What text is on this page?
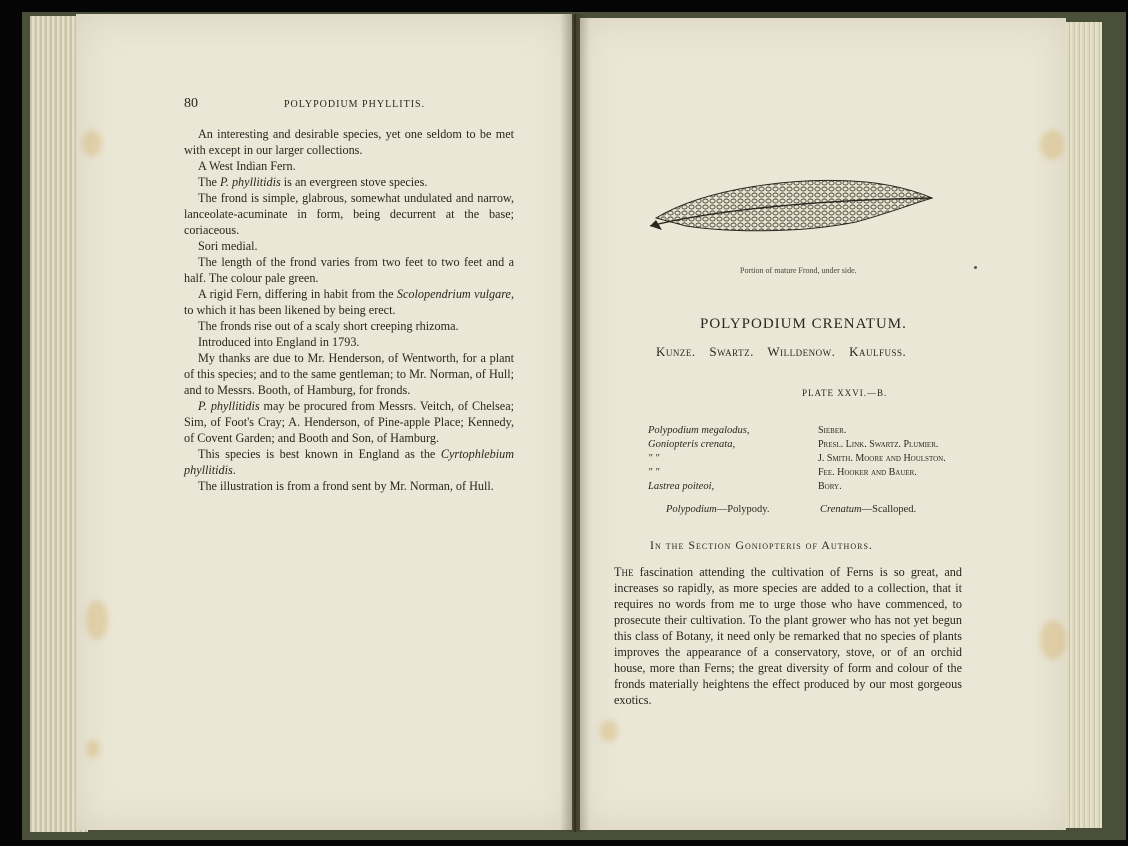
80	POLYPODIUM PHYLLITIS.

An interesting and desirable species, yet one seldom to be met with except in our larger collections.

A West Indian Fern.

The P. phyllitidis is an evergreen stove species.

The frond is simple, glabrous, somewhat undulated and narrow, lanceolate-acuminate in form, being decurrent at the base; coriaceous.

Sori medial.

The length of the frond varies from two feet to two feet and a half. The colour pale green.

A rigid Fern, differing in habit from the Scolopendrium vulgare, to which it has been likened by being erect.

The fronds rise out of a scaly short creeping rhizoma.

Introduced into England in 1793.

My thanks are due to Mr. Henderson, of Wentworth, for a plant of this species; and to the same gentleman; to Mr. Norman, of Hull; and to Messrs. Booth, of Hamburg, for fronds.

P. phyllitidis may be procured from Messrs. Veitch, of Chelsea; Sim, of Foot's Cray; A. Henderson, of Pine-apple Place; Kennedy, of Covent Garden; and Booth and Son, of Hamburg.

This species is best known in England as the Cyrtophlebium phyllitidis.

The illustration is from a frond sent by Mr. Norman, of Hull.

Portion of mature Frond, under side.
POLYPODIUM CRENATUM.
Kunze. Swartz. Willdenow. Kaulfuss.
PLATE XXVI.—B.
Polypodium megalodus,
Goniopteris crenata,
" "
" "
Lastrea poiteoi,
Sieber.
Presl. Link. Swartz. Plumier.
J. Smith. Moore and Houlston.
Fee. Hooker and Bauer.
Bory.
Polypodium—Polypody.	Crenatum—Scalloped.
In the Section Goniopteris of Authors.

The fascination attending the cultivation of Ferns is so great, and increases so rapidly, as more species are added to a collection, that it requires no words from me to urge those who have commenced, to prosecute their cultivation. To the plant grower who has not yet begun this class of Botany, it need only be remarked that no species of plants improves the appearance of a conservatory, stove, or of an orchid house, more than Ferns; the great diversity of form and colour of the fronds materially heightens the effect produced by our most gorgeous exotics.
